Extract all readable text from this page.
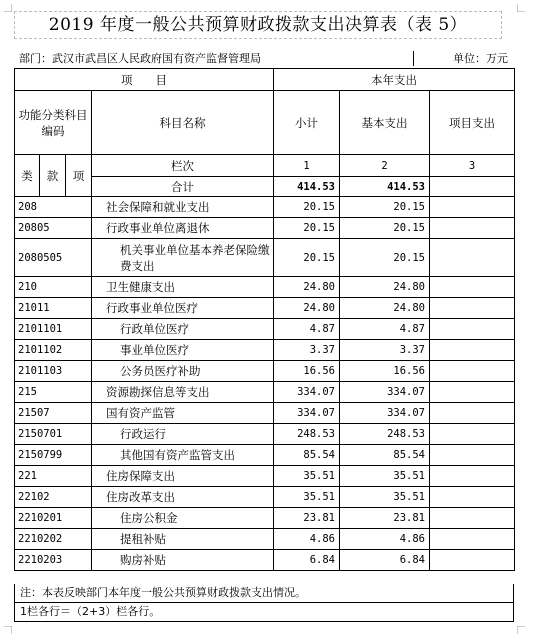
2019 年度一般公共预算财政拨款支出决算表（表 5）
部门：武汉市武昌区人民政府国有资产监督管理局	单位：万元
项　　目				本年支出		
功能分类科目编码			科目名称	小计	基本支出	项目支出

类	款	项	栏次	1	2	3
			合计	414.53	414.53	
208			社会保障和就业支出	20.15	20.15	
20805			行政事业单位离退休	20.15	20.15	
2080505			机关事业单位基本养老保险缴费支出	20.15	20.15	
210			卫生健康支出	24.80	24.80	
21011			行政事业单位医疗	24.80	24.80	
2101101			行政单位医疗	4.87	4.87	
2101102			事业单位医疗	3.37	3.37	
2101103			公务员医疗补助	16.56	16.56	
215			资源勘探信息等支出	334.07	334.07	
21507			国有资产监管	334.07	334.07	
2150701			行政运行	248.53	248.53	
2150799			其他国有资产监管支出	85.54	85.54	
221			住房保障支出	35.51	35.51	
22102			住房改革支出	35.51	35.51	
2210201			住房公积金	23.81	23.81	
2210202			提租补贴	4.86	4.86	
2210203			购房补贴	6.84	6.84	
注：本表反映部门本年度一般公共预算财政拨款支出情况。
1栏各行＝（2+3）栏各行。
